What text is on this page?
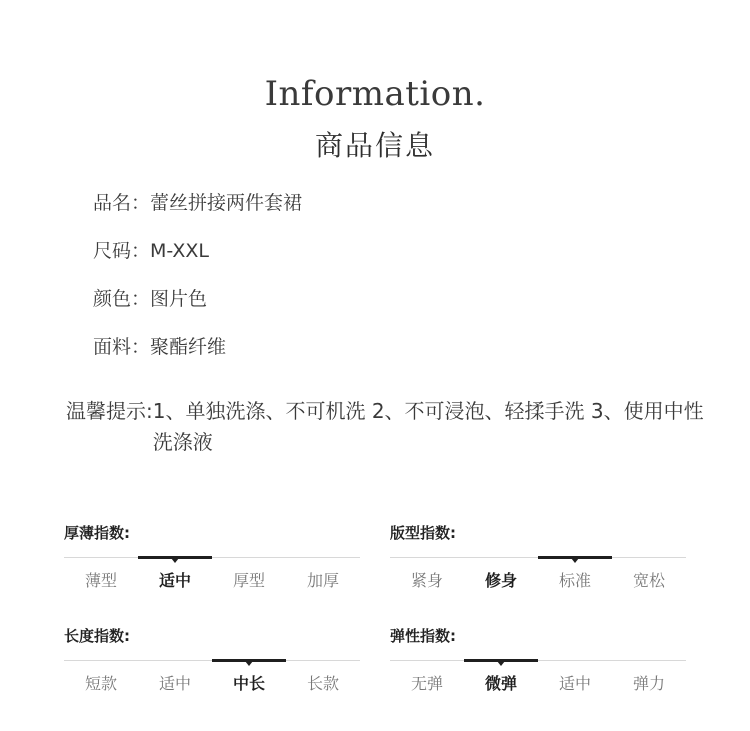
Information.
商品信息
品名：蕾丝拼接两件套裙
尺码：M-XXL
颜色：图片色
面料：聚酯纤维
温馨提示: 1、单独洗涤、不可机洗 2、不可浸泡、轻揉手洗 3、使用中性洗涤液
厚薄指数:
薄型	适中	厚型	加厚
版型指数:
紧身	修身	标准	宽松
长度指数:
短款	适中	中长	长款
弹性指数:
无弹	微弹	适中	弹力
